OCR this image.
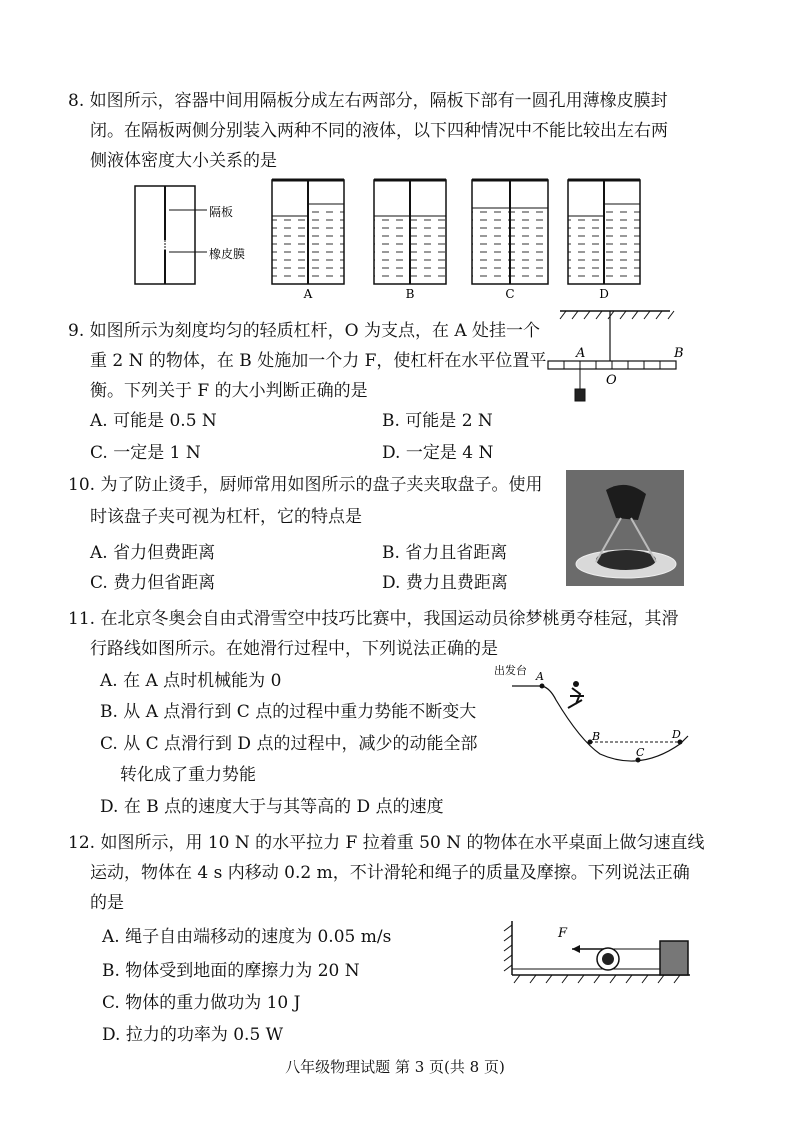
8. 如图所示，容器中间用隔板分成左右两部分，隔板下部有一圆孔用薄橡皮膜封
闭。在隔板两侧分别装入两种不同的液体，以下四种情况中不能比较出左右两
侧液体密度大小关系的是
隔板
橡皮膜
A	B	C	D
9. 如图所示为刻度均匀的轻质杠杆，O 为支点，在 A 处挂一个
重 2 N 的物体，在 B 处施加一个力 F，使杠杆在水平位置平
衡。下列关于 F 的大小判断正确的是
A. 可能是 0.5 N	B. 可能是 2 N
C. 一定是 1 N	D. 一定是 4 N
A	B
O
10. 为了防止烫手，厨师常用如图所示的盘子夹夹取盘子。使用
时该盘子夹可视为杠杆，它的特点是
A. 省力但费距离	B. 省力且省距离
C. 费力但省距离	D. 费力且费距离
11. 在北京冬奥会自由式滑雪空中技巧比赛中，我国运动员徐梦桃勇夺桂冠，其滑
行路线如图所示。在她滑行过程中，下列说法正确的是
A. 在 A 点时机械能为 0
B. 从 A 点滑行到 C 点的过程中重力势能不断变大
C. 从 C 点滑行到 D 点的过程中，减少的动能全部
转化成了重力势能
D. 在 B 点的速度大于与其等高的 D 点的速度
出发台 A
B
C
D
12. 如图所示，用 10 N 的水平拉力 F 拉着重 50 N 的物体在水平桌面上做匀速直线
运动，物体在 4 s 内移动 0.2 m，不计滑轮和绳子的质量及摩擦。下列说法正确
的是
A. 绳子自由端移动的速度为 0.05 m/s
B. 物体受到地面的摩擦力为 20 N
C. 物体的重力做功为 10 J
D. 拉力的功率为 0.5 W
F
八年级物理试题 第 3 页(共 8 页)
